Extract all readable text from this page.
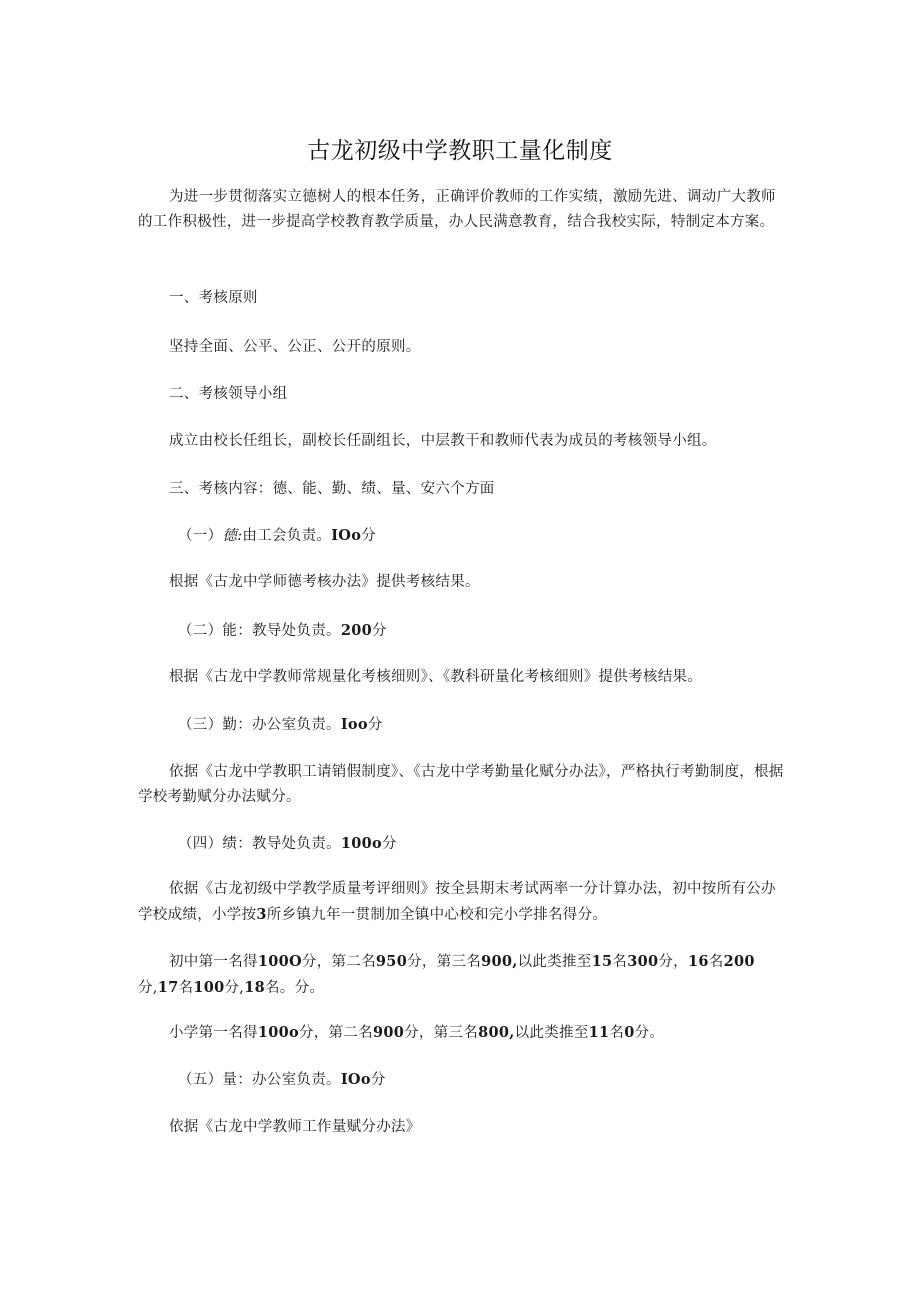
古龙初级中学教职工量化制度

为进一步贯彻落实立德树人的根本任务，正确评价教师的工作实绩，激励先进、调动广大教师的工作积极性，进一步提高学校教育教学质量，办人民满意教育，结合我校实际，特制定本方案。

一、考核原则

坚持全面、公平、公正、公开的原则。

二、考核领导小组

成立由校长任组长，副校长任副组长，中层教干和教师代表为成员的考核领导小组。

三、考核内容：德、能、勤、绩、量、安六个方面

（一）德:由工会负责。IOo分

根据《古龙中学师德考核办法》提供考核结果。

（二）能：教导处负责。200分

根据《古龙中学教师常规量化考核细则》、《教科研量化考核细则》提供考核结果。

（三）勤：办公室负责。Ioo分

依据《古龙中学教职工请销假制度》、《古龙中学考勤量化赋分办法》，严格执行考勤制度，根据学校考勤赋分办法赋分。

（四）绩：教导处负责。100o分

依据《古龙初级中学教学质量考评细则》按全县期末考试两率一分计算办法，初中按所有公办学校成绩，小学按3所乡镇九年一贯制加全镇中心校和完小学排名得分。

初中第一名得100O分，第二名950分，第三名900,以此类推至15名300分，16名200分,17名100分,18名。分。

小学第一名得100o分，第二名900分，第三名800,以此类推至11名0分。

（五）量：办公室负责。IOo分

依据《古龙中学教师工作量赋分办法》
